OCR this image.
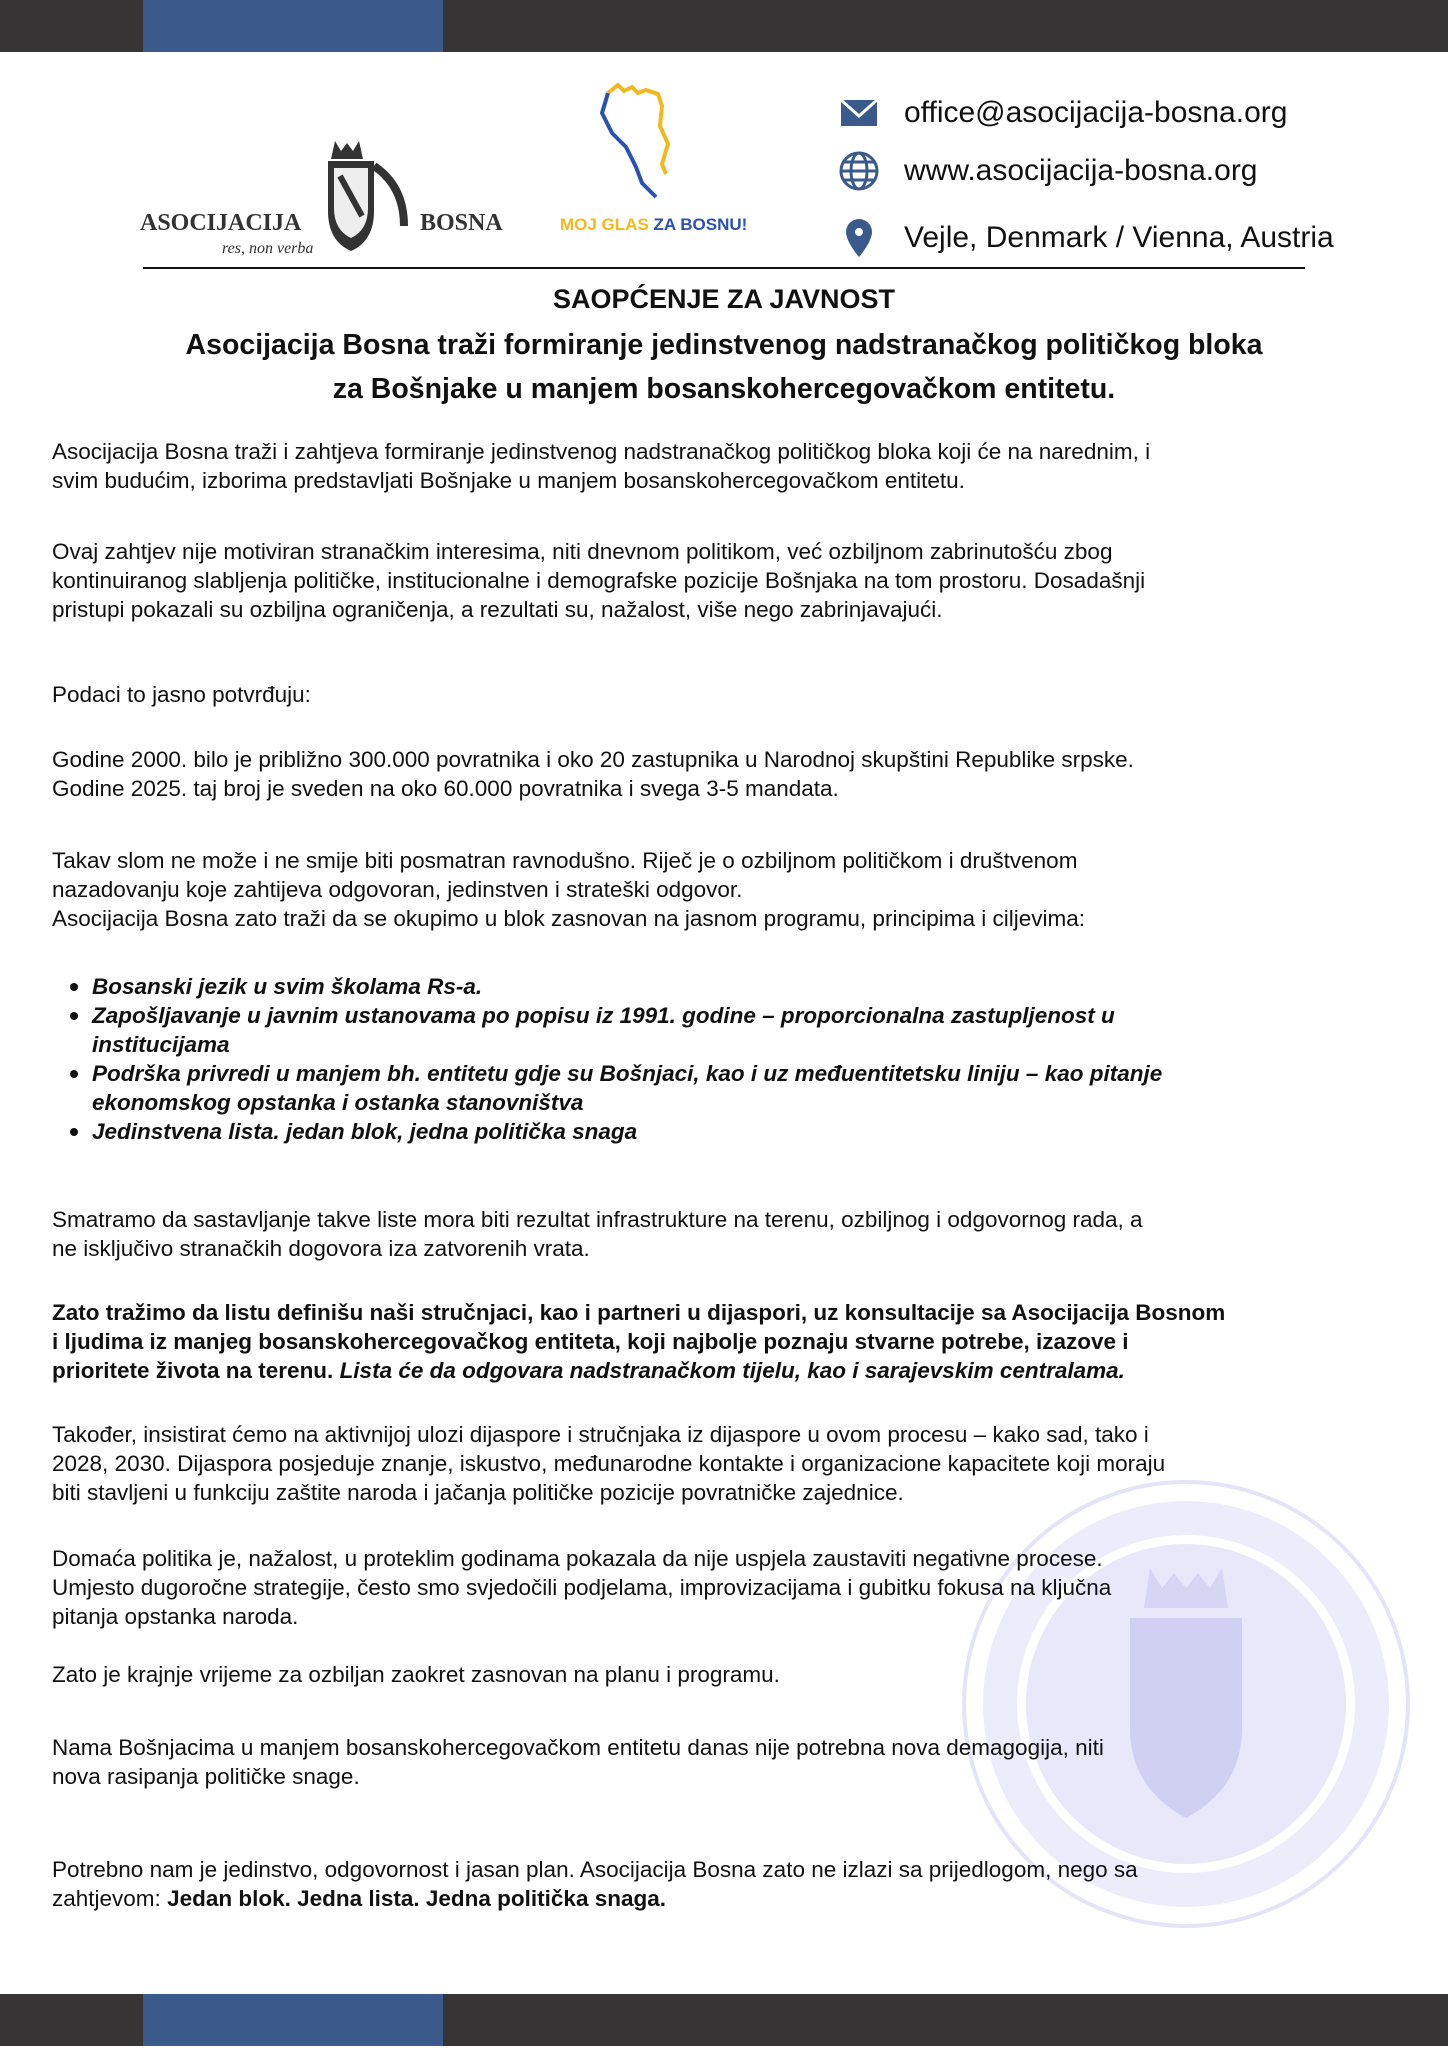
ASOCIJACIJA	BOSNA
res, non verba
MOJ GLAS ZA BOSNU!
office@asocijacija-bosna.org
www.asocijacija-bosna.org
Vejle, Denmark / Vienna, Austria
SAOPĆENJE ZA JAVNOST
Asocijacija Bosna traži formiranje jedinstvenog nadstranačkog političkog bloka
za Bošnjake u manjem bosanskohercegovačkom entitetu.
Asocijacija Bosna traži i zahtjeva formiranje jedinstvenog nadstranačkog političkog bloka koji će na narednim, i
svim budućim, izborima predstavljati Bošnjake u manjem bosanskohercegovačkom entitetu.
Ovaj zahtjev nije motiviran stranačkim interesima, niti dnevnom politikom, već ozbiljnom zabrinutošću zbog
kontinuiranog slabljenja političke, institucionalne i demografske pozicije Bošnjaka na tom prostoru. Dosadašnji
pristupi pokazali su ozbiljna ograničenja, a rezultati su, nažalost, više nego zabrinjavajući.
Podaci to jasno potvrđuju:
Godine 2000. bilo je približno 300.000 povratnika i oko 20 zastupnika u Narodnoj skupštini Republike srpske.
Godine 2025. taj broj je sveden na oko 60.000 povratnika i svega 3-5 mandata.
Takav slom ne može i ne smije biti posmatran ravnodušno. Riječ je o ozbiljnom političkom i društvenom
nazadovanju koje zahtijeva odgovoran, jedinstven i strateški odgovor.
Asocijacija Bosna zato traži da se okupimo u blok zasnovan na jasnom programu, principima i ciljevima:
Bosanski jezik u svim školama Rs-a.
Zapošljavanje u javnim ustanovama po popisu iz 1991. godine – proporcionalna zastupljenost u
institucijama
Podrška privredi u manjem bh. entitetu gdje su Bošnjaci, kao i uz međuentitetsku liniju – kao pitanje
ekonomskog opstanka i ostanka stanovništva
Jedinstvena lista. jedan blok, jedna politička snaga
Smatramo da sastavljanje takve liste mora biti rezultat infrastrukture na terenu, ozbiljnog i odgovornog rada, a
ne isključivo stranačkih dogovora iza zatvorenih vrata.
Zato tražimo da listu definišu naši stručnjaci, kao i partneri u dijaspori, uz konsultacije sa Asocijacija Bosnom
i ljudima iz manjeg bosanskohercegovačkog entiteta, koji najbolje poznaju stvarne potrebe, izazove i
prioritete života na terenu. Lista će da odgovara nadstranačkom tijelu, kao i sarajevskim centralama.
Također, insistirat ćemo na aktivnijoj ulozi dijaspore i stručnjaka iz dijaspore u ovom procesu – kako sad, tako i
2028, 2030. Dijaspora posjeduje znanje, iskustvo, međunarodne kontakte i organizacione kapacitete koji moraju
biti stavljeni u funkciju zaštite naroda i jačanja političke pozicije povratničke zajednice.
Domaća politika je, nažalost, u proteklim godinama pokazala da nije uspjela zaustaviti negativne procese.
Umjesto dugoročne strategije, često smo svjedočili podjelama, improvizacijama i gubitku fokusa na ključna
pitanja opstanka naroda.
Zato je krajnje vrijeme za ozbiljan zaokret zasnovan na planu i programu.
Nama Bošnjacima u manjem bosanskohercegovačkom entitetu danas nije potrebna nova demagogija, niti
nova rasipanja političke snage.
Potrebno nam je jedinstvo, odgovornost i jasan plan. Asocijacija Bosna zato ne izlazi sa prijedlogom, nego sa
zahtjevom: Jedan blok. Jedna lista. Jedna politička snaga.
